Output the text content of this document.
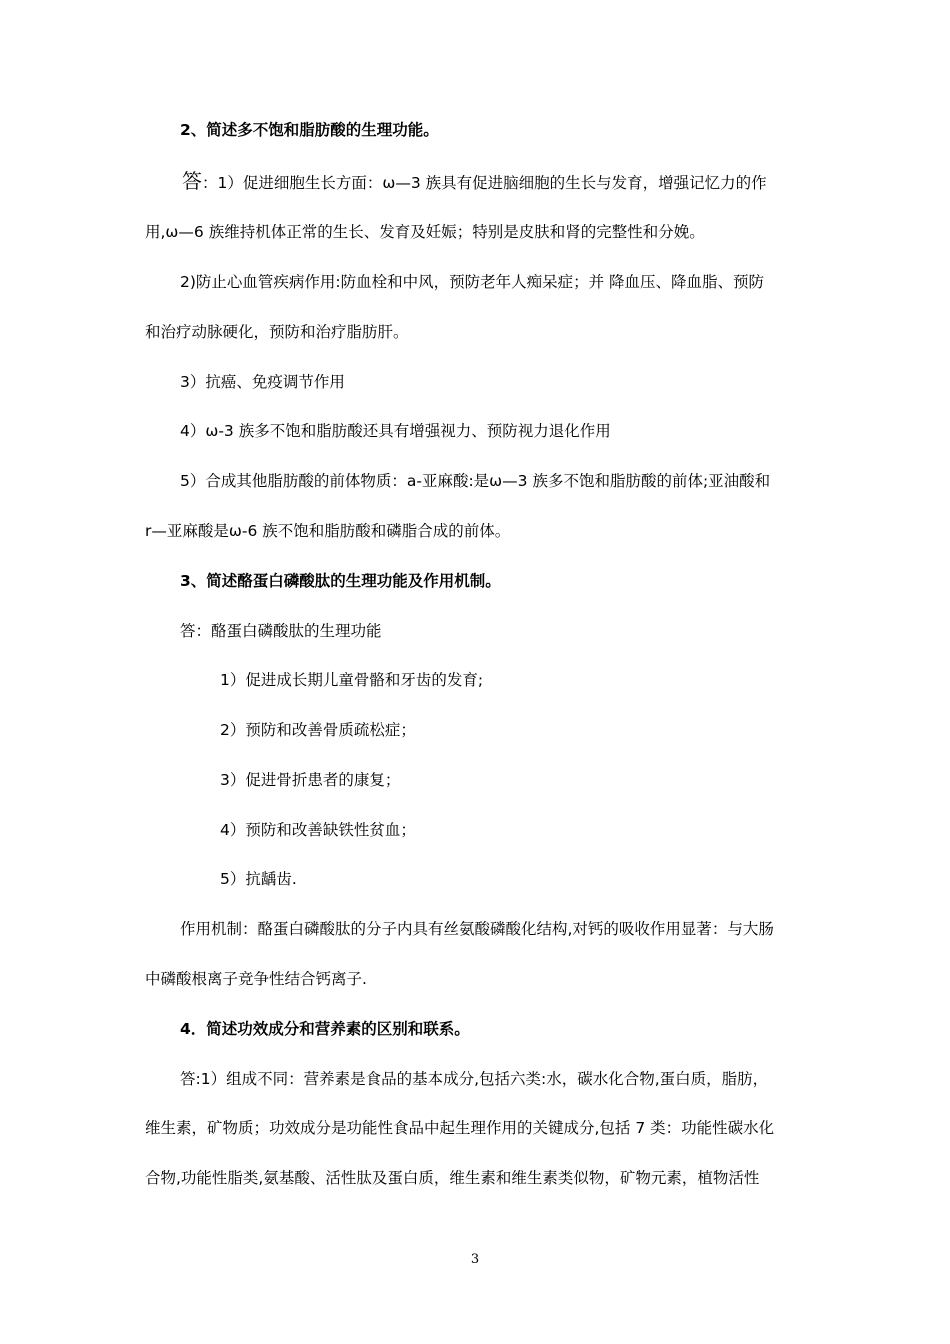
2、简述多不饱和脂肪酸的生理功能。
答：1）促进细胞生长方面：ω—3 族具有促进脑细胞的生长与发育，增强记忆力的作
用,ω—6 族维持机体正常的生长、发育及妊娠；特别是皮肤和肾的完整性和分娩。
2)防止心血管疾病作用:防血栓和中风，预防老年人痴呆症；并 降血压、降血脂、预防
和治疗动脉硬化，预防和治疗脂肪肝。
3）抗癌、免疫调节作用
4）ω-3 族多不饱和脂肪酸还具有增强视力、预防视力退化作用
5）合成其他脂肪酸的前体物质：a-亚麻酸:是ω—3 族多不饱和脂肪酸的前体;亚油酸和
r—亚麻酸是ω-6 族不饱和脂肪酸和磷脂合成的前体。
3、简述酪蛋白磷酸肽的生理功能及作用机制。
答：酪蛋白磷酸肽的生理功能
1）促进成长期儿童骨骼和牙齿的发育;
2）预防和改善骨质疏松症；
3）促进骨折患者的康复；
4）预防和改善缺铁性贫血；
5）抗龋齿.
作用机制：酪蛋白磷酸肽的分子内具有丝氨酸磷酸化结构,对钙的吸收作用显著：与大肠
中磷酸根离子竞争性结合钙离子.
4．简述功效成分和营养素的区别和联系。
答:1）组成不同：营养素是食品的基本成分,包括六类:水，碳水化合物,蛋白质，脂肪，
维生素，矿物质；功效成分是功能性食品中起生理作用的关键成分,包括 7 类：功能性碳水化
合物,功能性脂类,氨基酸、活性肽及蛋白质，维生素和维生素类似物，矿物元素，植物活性
3
